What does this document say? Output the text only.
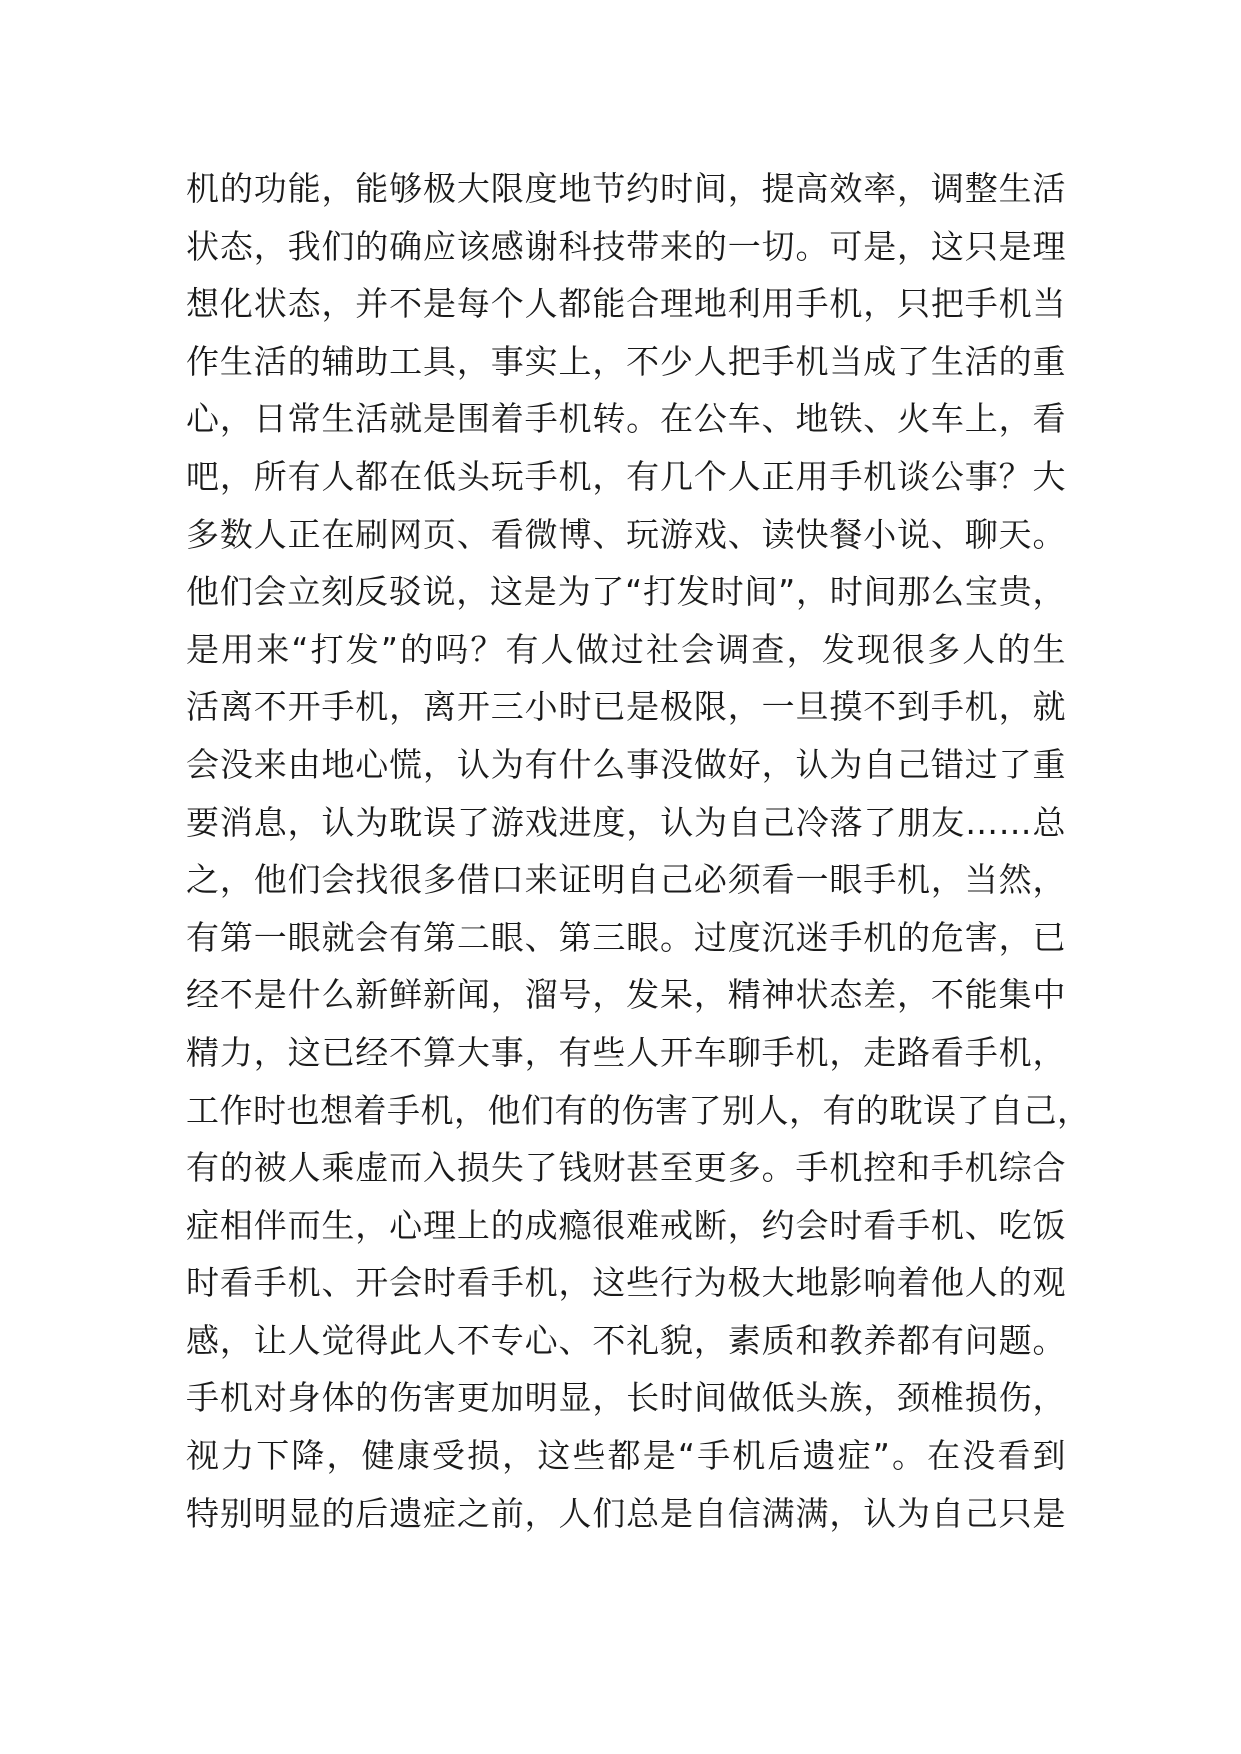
机的功能，能够极大限度地节约时间，提高效率，调整生活
状态，我们的确应该感谢科技带来的一切。可是，这只是理
想化状态，并不是每个人都能合理地利用手机，只把手机当
作生活的辅助工具，事实上，不少人把手机当成了生活的重
心，日常生活就是围着手机转。在公车、地铁、火车上，看
吧，所有人都在低头玩手机，有几个人正用手机谈公事？大
多数人正在刷网页、看微博、玩游戏、读快餐小说、聊天。
他们会立刻反驳说，这是为了“打发时间”，时间那么宝贵，
是用来“打发”的吗？有人做过社会调查，发现很多人的生
活离不开手机，离开三小时已是极限，一旦摸不到手机，就
会没来由地心慌，认为有什么事没做好，认为自己错过了重
要消息，认为耽误了游戏进度，认为自己冷落了朋友……总
之，他们会找很多借口来证明自己必须看一眼手机，当然，
有第一眼就会有第二眼、第三眼。过度沉迷手机的危害，已
经不是什么新鲜新闻，溜号，发呆，精神状态差，不能集中
精力，这已经不算大事，有些人开车聊手机，走路看手机，
工作时也想着手机，他们有的伤害了别人，有的耽误了自己，
有的被人乘虚而入损失了钱财甚至更多。手机控和手机综合
症相伴而生，心理上的成瘾很难戒断，约会时看手机、吃饭
时看手机、开会时看手机，这些行为极大地影响着他人的观
感，让人觉得此人不专心、不礼貌，素质和教养都有问题。
手机对身体的伤害更加明显，长时间做低头族，颈椎损伤，
视力下降，健康受损，这些都是“手机后遗症”。在没看到
特别明显的后遗症之前，人们总是自信满满，认为自己只是
